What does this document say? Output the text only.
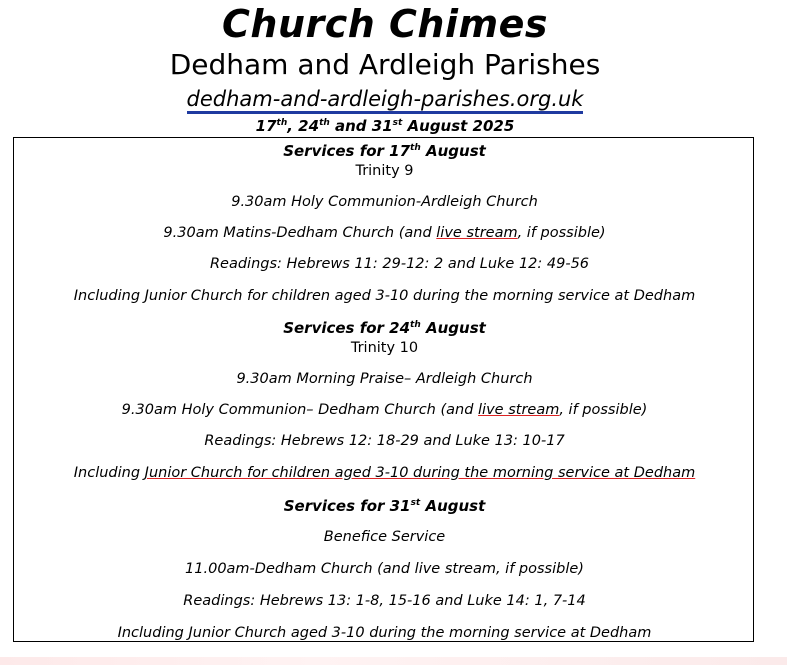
Church Chimes
Dedham and Ardleigh Parishes
dedham-and-ardleigh-parishes.org.uk
17th, 24th and 31st August 2025
Services for 17th August
Trinity 9
9.30am Holy Communion-Ardleigh Church
9.30am Matins-Dedham Church (and live stream, if possible)
Readings: Hebrews 11: 29-12: 2 and Luke 12: 49-56
Including Junior Church for children aged 3-10 during the morning service at Dedham
Services for 24th August
Trinity 10
9.30am Morning Praise– Ardleigh Church
9.30am Holy Communion– Dedham Church (and live stream, if possible)
Readings: Hebrews 12: 18-29 and Luke 13: 10-17
Including Junior Church for children aged 3-10 during the morning service at Dedham
Services for 31st August
Benefice Service
11.00am-Dedham Church (and live stream, if possible)
Readings: Hebrews 13: 1-8, 15-16 and Luke 14: 1, 7-14
Including Junior Church aged 3-10 during the morning service at Dedham
